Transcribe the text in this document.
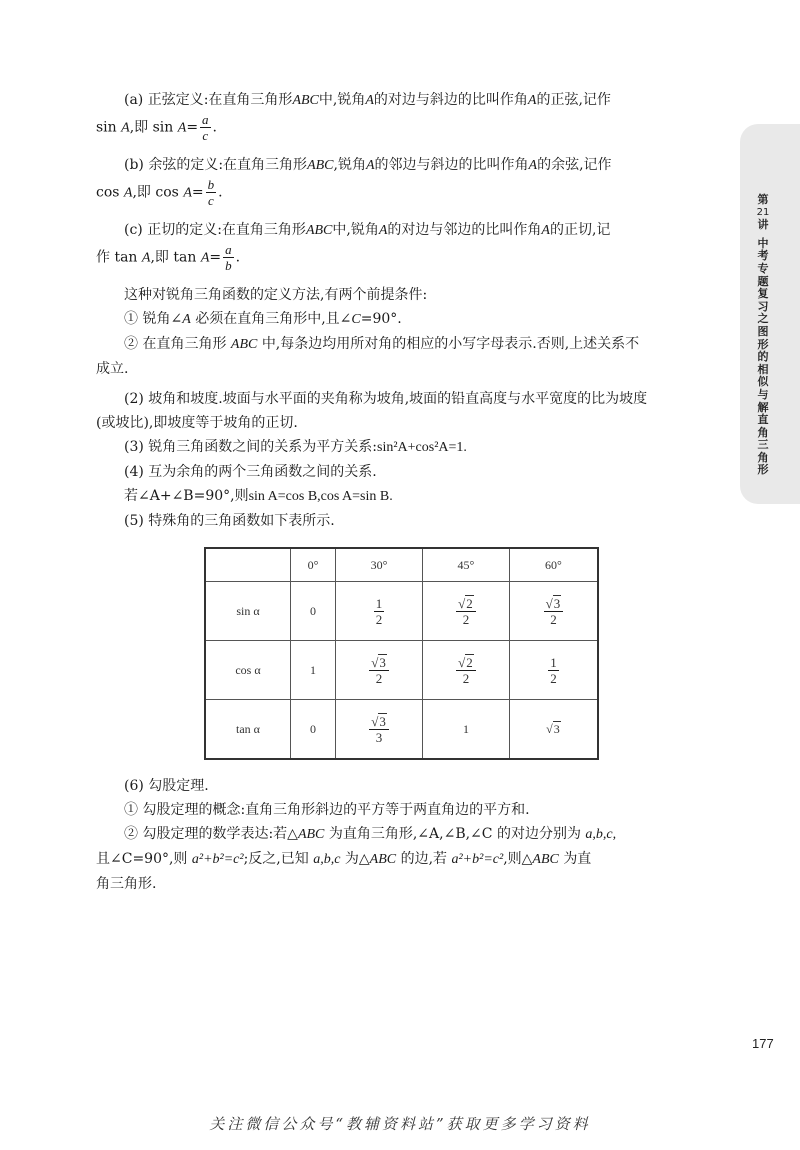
第
21
讲
中
考
专
题
复
习
之
图
形
的
相
似
与
解
直
角
三
角
形
(a) 正弦定义:在直角三角形ABC中,锐角A的对边与斜边的比叫作角A的正弦,记作
sin A,即 $\sin A= \frac{a}{c}$ .
(b) 余弦的定义:在直角三角形ABC,锐角A的邻边与斜边的比叫作角A的余弦,记作
cos A,即 $\cos A= \frac{b}{c}$ .
(c) 正切的定义:在直角三角形ABC中,锐角A的对边与邻边的比叫作角A的正切,记
作 tan A,即 $\tan A= \frac{a}{b}$ .
这种对锐角三角函数的定义方法,有两个前提条件:
① 锐角∠A 必须在直角三角形中,且∠C=90°.
② 在直角三角形 ABC 中,每条边均用所对角的相应的小写字母表示.否则,上述关系不
成立.
(2) 坡角和坡度.坡面与水平面的夹角称为坡角,坡面的铅直高度与水平宽度的比为坡度
(或坡比),即坡度等于坡角的正切.
(3) 锐角三角函数之间的关系为平方关系:sin²A+cos²A=1.
(4) 互为余角的两个三角函数之间的关系.
若∠A+∠B=90°,则sin A=cos B,cos A=sin B.
(5) 特殊角的三角函数如下表所示.
	0°	30°	45°	60°
sin α	0	$\frac{1}{2}$	$\frac{√2}{2}$	$\frac{√3}{2}$

cos α	1	$\frac{√3}{2}$	$\frac{√2}{2}$	$\frac{1}{2}$

tan α	0	$\frac{√3}{3}$	1	√3
(6) 勾股定理.
① 勾股定理的概念:直角三角形斜边的平方等于两直角边的平方和.
② 勾股定理的数学表达:若△ABC 为直角三角形,∠A,∠B,∠C 的对边分别为 a,b,c,
且∠C=90°,则 a²+b²=c²;反之,已知 a,b,c 为△ABC 的边,若 a²+b²=c²,则△ABC 为直
角三角形.
177
关注微信公众号“教辅资料站”获取更多学习资料
